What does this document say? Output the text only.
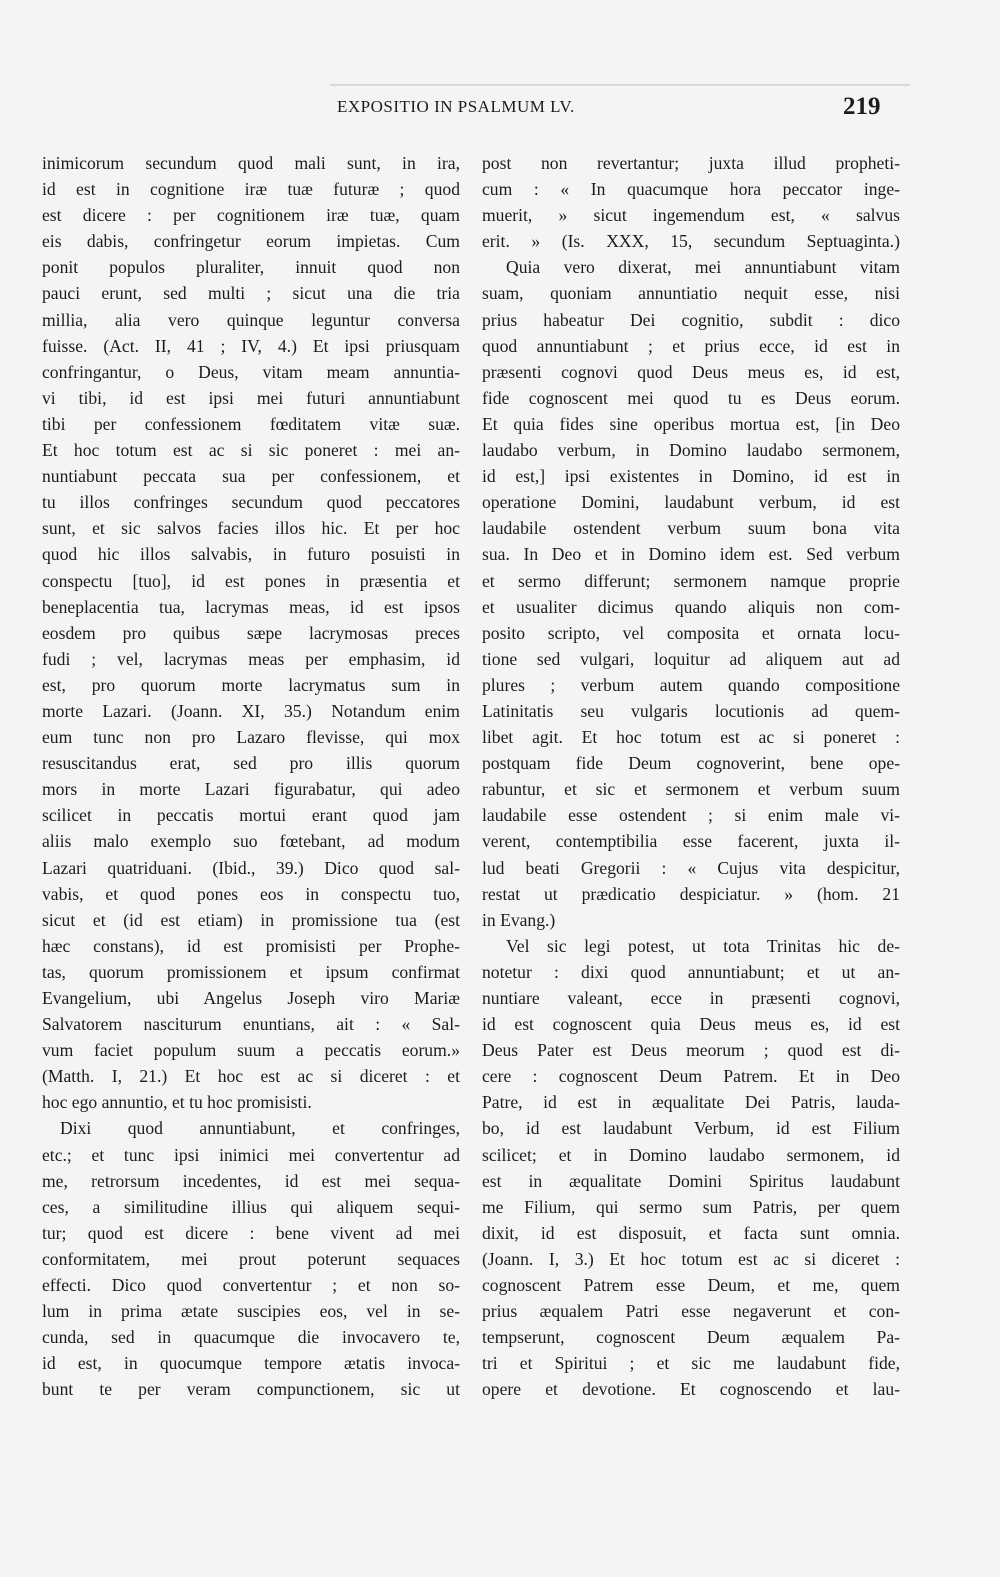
EXPOSITIO IN PSALMUM LV.	219
inimicorum secundum quod mali sunt, in ira,
id est in cognitione iræ tuæ futuræ ; quod
est dicere : per cognitionem iræ tuæ, quam
eis dabis, confringetur eorum impietas. Cum
ponit populos pluraliter, innuit quod non
pauci erunt, sed multi ; sicut una die tria
millia, alia vero quinque leguntur conversa
fuisse. (Act. II, 41 ; IV, 4.) Et ipsi priusquam
confringantur, o Deus, vitam meam annuntia-
vi tibi, id est ipsi mei futuri annuntiabunt
tibi per confessionem fœditatem vitæ suæ.
Et hoc totum est ac si sic poneret : mei an-
nuntiabunt peccata sua per confessionem, et
tu illos confringes secundum quod peccatores
sunt, et sic salvos facies illos hic. Et per hoc
quod hic illos salvabis, in futuro posuisti in
conspectu [tuo], id est pones in præsentia et
beneplacentia tua, lacrymas meas, id est ipsos
eosdem pro quibus sæpe lacrymosas preces
fudi ; vel, lacrymas meas per emphasim, id
est, pro quorum morte lacrymatus sum in
morte Lazari. (Joann. XI, 35.) Notandum enim
eum tunc non pro Lazaro flevisse, qui mox
resuscitandus erat, sed pro illis quorum
mors in morte Lazari figurabatur, qui adeo
scilicet in peccatis mortui erant quod jam
aliis malo exemplo suo fœtebant, ad modum
Lazari quatriduani. (Ibid., 39.) Dico quod sal-
vabis, et quod pones eos in conspectu tuo,
sicut et (id est etiam) in promissione tua (est
hæc constans), id est promisisti per Prophe-
tas, quorum promissionem et ipsum confirmat
Evangelium, ubi Angelus Joseph viro Mariæ
Salvatorem nasciturum enuntians, ait : « Sal-
vum faciet populum suum a peccatis eorum.»
(Matth. I, 21.) Et hoc est ac si diceret : et
hoc ego annuntio, et tu hoc promisisti.
Dixi quod annuntiabunt, et confringes,
etc.; et tunc ipsi inimici mei convertentur ad
me, retrorsum incedentes, id est mei sequa-
ces, a similitudine illius qui aliquem sequi-
tur; quod est dicere : bene vivent ad mei
conformitatem, mei prout poterunt sequaces
effecti. Dico quod convertentur ; et non so-
lum in prima ætate suscipies eos, vel in se-
cunda, sed in quacumque die invocavero te,
id est, in quocumque tempore ætatis invoca-
bunt te per veram compunctionem, sic ut
post non revertantur; juxta illud propheti-
cum : « In quacumque hora peccator inge-
muerit, » sicut ingemendum est, « salvus
erit. » (Is. XXX, 15, secundum Septuaginta.)
Quia vero dixerat, mei annuntiabunt vitam
suam, quoniam annuntiatio nequit esse, nisi
prius habeatur Dei cognitio, subdit : dico
quod annuntiabunt ; et prius ecce, id est in
præsenti cognovi quod Deus meus es, id est,
fide cognoscent mei quod tu es Deus eorum.
Et quia fides sine operibus mortua est, [in Deo
laudabo verbum, in Domino laudabo sermonem,
id est,] ipsi existentes in Domino, id est in
operatione Domini, laudabunt verbum, id est
laudabile ostendent verbum suum bona vita
sua. In Deo et in Domino idem est. Sed verbum
et sermo differunt; sermonem namque proprie
et usualiter dicimus quando aliquis non com-
posito scripto, vel composita et ornata locu-
tione sed vulgari, loquitur ad aliquem aut ad
plures ; verbum autem quando compositione
Latinitatis seu vulgaris locutionis ad quem-
libet agit. Et hoc totum est ac si poneret :
postquam fide Deum cognoverint, bene ope-
rabuntur, et sic et sermonem et verbum suum
laudabile esse ostendent ; si enim male vi-
verent, contemptibilia esse facerent, juxta il-
lud beati Gregorii : « Cujus vita despicitur,
restat ut prædicatio despiciatur. » (hom. 21
in Evang.)
Vel sic legi potest, ut tota Trinitas hic de-
notetur : dixi quod annuntiabunt; et ut an-
nuntiare valeant, ecce in præsenti cognovi,
id est cognoscent quia Deus meus es, id est
Deus Pater est Deus meorum ; quod est di-
cere : cognoscent Deum Patrem. Et in Deo
Patre, id est in æqualitate Dei Patris, lauda-
bo, id est laudabunt Verbum, id est Filium
scilicet; et in Domino laudabo sermonem, id
est in æqualitate Domini Spiritus laudabunt
me Filium, qui sermo sum Patris, per quem
dixit, id est disposuit, et facta sunt omnia.
(Joann. I, 3.) Et hoc totum est ac si diceret :
cognoscent Patrem esse Deum, et me, quem
prius æqualem Patri esse negaverunt et con-
tempserunt, cognoscent Deum æqualem Pa-
tri et Spiritui ; et sic me laudabunt fide,
opere et devotione. Et cognoscendo et lau-
